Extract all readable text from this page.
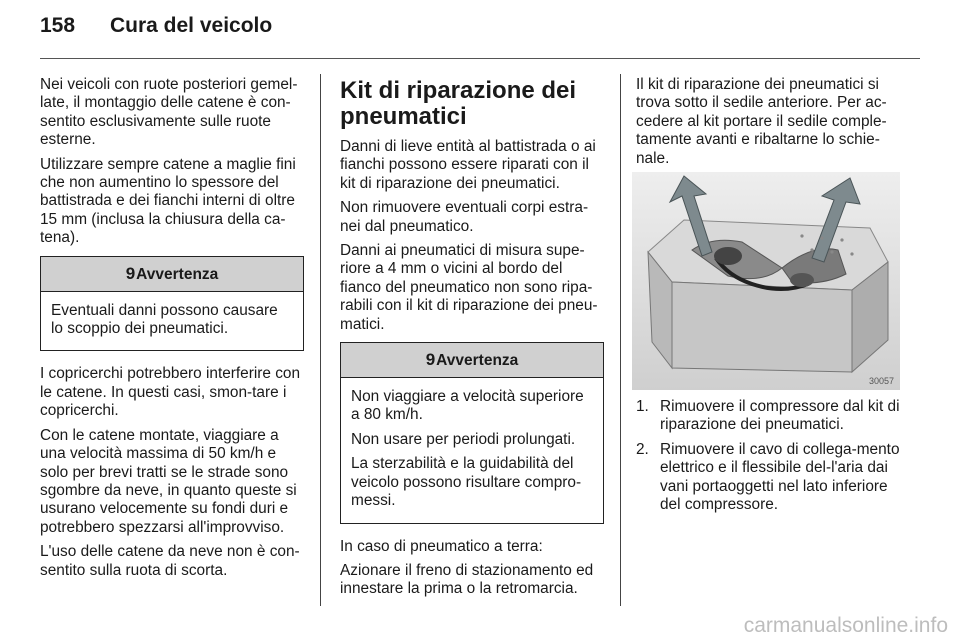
158 Cura del veicolo

Nei veicoli con ruote posteriori gemel-late, il montaggio delle catene è con-sentito esclusivamente sulle ruote esterne.

Utilizzare sempre catene a maglie fini che non aumentino lo spessore del battistrada e dei fianchi interni di oltre 15 mm (inclusa la chiusura della ca-tena).

9Avvertenza

Eventuali danni possono causare lo scoppio dei pneumatici.

I copricerchi potrebbero interferire con le catene. In questi casi, smon-tare i copricerchi.

Con le catene montate, viaggiare a una velocità massima di 50 km/h e solo per brevi tratti se le strade sono sgombre da neve, in quanto queste si usurano velocemente su fondi duri e potrebbero spezzarsi all'improvviso.

L'uso delle catene da neve non è con-sentito sulla ruota di scorta.

Kit di riparazione dei pneumatici

Danni di lieve entità al battistrada o ai fianchi possono essere riparati con il kit di riparazione dei pneumatici.

Non rimuovere eventuali corpi estra-nei dal pneumatico.

Danni ai pneumatici di misura supe-riore a 4 mm o vicini al bordo del fianco del pneumatico non sono ripa-rabili con il kit di riparazione dei pneu-matici.

9Avvertenza

Non viaggiare a velocità superiore a 80 km/h.

Non usare per periodi prolungati.

La sterzabilità e la guidabilità del veicolo possono risultare compro-messi.

In caso di pneumatico a terra:

Azionare il freno di stazionamento ed innestare la prima o la retromarcia.

Il kit di riparazione dei pneumatici si trova sotto il sedile anteriore. Per ac-cedere al kit portare il sedile comple-tamente avanti e ribaltarne lo schie-nale.

30057
1. Rimuovere il compressore dal kit di riparazione dei pneumatici.
2. Rimuovere il cavo di collega-mento elettrico e il flessibile del-l'aria dai vani portaoggetti nel lato inferiore del compressore.
carmanualsonline.info
